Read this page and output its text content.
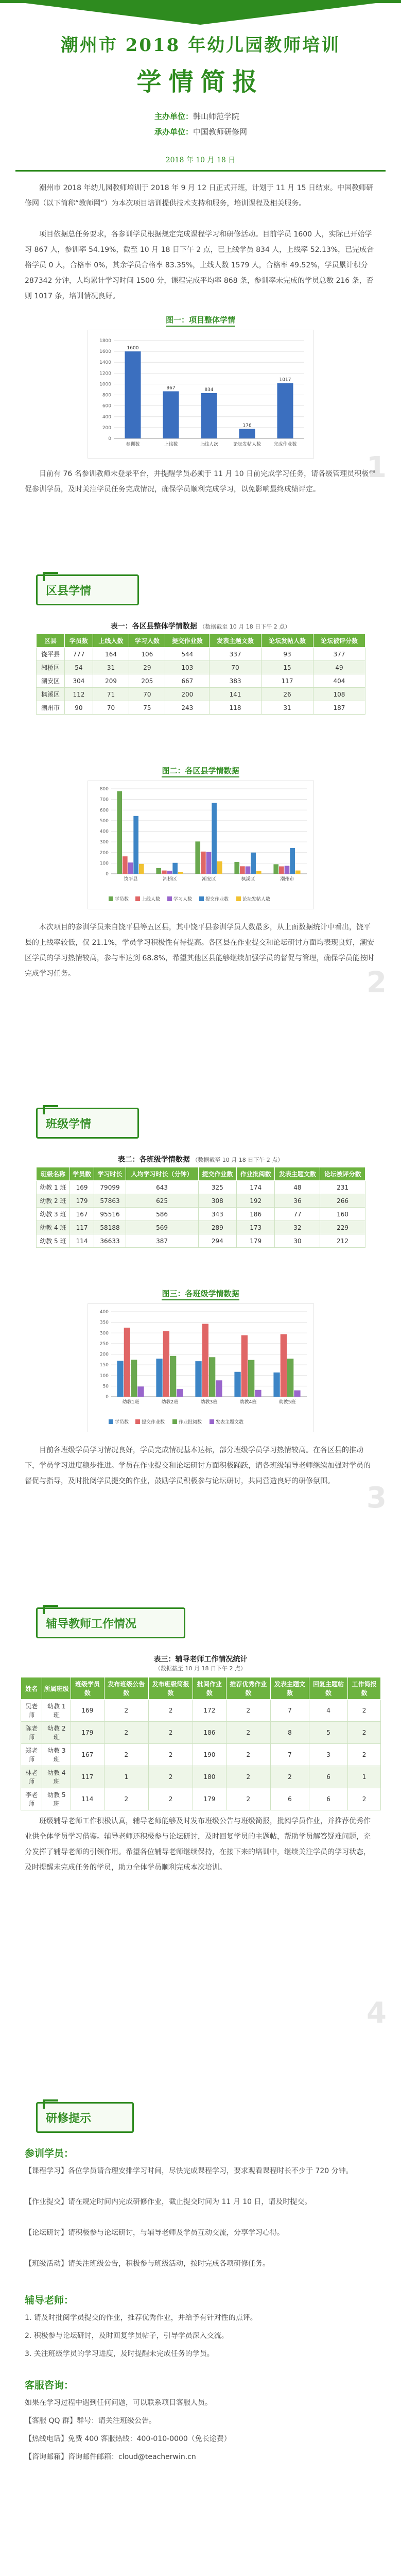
潮州市 2018 年幼儿园教师培训
学情简报
主办单位：韩山师范学院
承办单位：中国教师研修网
2018 年 10 月 18 日
潮州市 2018 年幼儿园教师培训于 2018 年 9 月 12 日正式开班，计划于 11 月 15 日结束。中国教师研修网（以下简称“教师网”）为本次项目培训提供技术支持和服务，培训课程及相关服务。
项目依据总任务要求，各参训学员根据规定完成课程学习和研修活动。目前学员 1600 人，实际已开始学习 867 人，参训率 54.19%，截至 10 月 18 日下午 2 点，已上线学员 834 人，上线率 52.13%，已完成合格学员 0 人，合格率 0%，其余学员合格率 83.35%，上线人数 1579 人，合格率 49.52%，学员累计积分 287342 分钟，人均累计学习时间 1500 分，课程完成平均率 868 条，参训率未完成的学员总数 216 条，否则 1017 条，培训情况良好。
图一：项目整体学情
0
200
400
600
800
1000
1200
1400
1600
1800
1600
参训数
867
上线数
834
上线人次
176
论坛发帖人数
1017
完成作业数
目前有 76 名参训教师未登录平台，并提醒学员必须于 11 月 10 日前完成学习任务，请各级管理员积极督促参训学员，及时关注学员任务完成情况，确保学员顺利完成学习，以免影响最终成绩评定。
1
区县学情
表一：各区县整体学情数据 （数据截至 10 月 18 日下午 2 点）
区县	学员数	上线人数	学习人数	提交作业数	发表主题文数	论坛发帖人数	论坛被评分数
饶平县	777	164	106	544	337	93	377
湘桥区	54	31	29	103	70	15	49
潮安区	304	209	205	667	383	117	404
枫溪区	112	71	70	200	141	26	108
潮州市	90	70	75	243	118	31	187
图二：各区县学情数据
0
100
200
300
400
500
600
700
800
饶平县	湘桥区	潮安区	枫溪区	潮州市
学员数	上线人数	学习人数	提交作业数	论坛发帖人数
本次项目的参训学员来自饶平县等五区县，其中饶平县参训学员人数最多，从上面数据统计中看出，饶平县的上线率较低，仅 21.1%，学员学习积极性有待提高。各区县在作业提交和论坛研讨方面均表现良好，潮安区学员的学习热情较高，参与率达到 68.8%，希望其他区县能够继续加强学员的督促与管理，确保学员能按时完成学习任务。	2
班级学情
表二：各班级学情数据 （数据截至 10 月 18 日下午 2 点）
班级名称	学员数	学习时长	人均学习时长（分钟）	提交作业数	作业批阅数	发表主题文数	论坛被评分数
幼教 1 班	169	79099	643	325	174	48	231
幼教 2 班	179	57863	625	308	192	36	266
幼教 3 班	167	95516	586	343	186	77	160
幼教 4 班	117	58188	569	289	173	32	229
幼教 5 班	114	36633	387	294	179	30	212
图三：各班级学情数据
0
50
100
150
200
250
300
350
400
幼教1班	幼教2班	幼教3班	幼教4班	幼教5班
学员数	提交作业数	作业批阅数	发表主题文数
目前各班级学员学习情况良好，学员完成情况基本达标，部分班级学员学习热情较高。在各区县的推动下，学员学习进度稳步推进。学员在作业提交和论坛研讨方面积极踊跃，请各班级辅导老师继续加强对学员的督促与指导，及时批阅学员提交的作业，鼓励学员积极参与论坛研讨，共同营造良好的研修氛围。	3
辅导教师工作情况
表三：辅导老师工作情况统计
（数据截至 10 月 18 日下午 2 点）
姓名	所属班级	班级学员数	发布班级公告数	发布班级简报数	批阅作业数	推荐优秀作业数	发表主题文数	回复主题帖数	工作简报数
吴老师	幼教 1 班	169	2	2	172	2	7	4	2
陈老师	幼教 2 班	179	2	2	186	2	8	5	2
郑老师	幼教 3 班	167	2	2	190	2	7	3	2
林老师	幼教 4 班	117	1	2	180	2	2	6	1
李老师	幼教 5 班	114	2	2	179	2	6	6	2
班级辅导老师工作积极认真，辅导老师能够及时发布班级公告与班级简报，批阅学员作业，并推荐优秀作业供全体学员学习借鉴。辅导老师还积极参与论坛研讨，及时回复学员的主题帖，帮助学员解答疑难问题，充分发挥了辅导老师的引领作用。希望各位辅导老师继续保持，在接下来的培训中，继续关注学员的学习状态，及时提醒未完成任务的学员，助力全体学员顺利完成本次培训。
4
研修提示
参训学员：
【课程学习】各位学员请合理安排学习时间，尽快完成课程学习，要求观看课程时长不少于 720 分钟。
【作业提交】请在规定时间内完成研修作业，截止提交时间为 11 月 10 日，请及时提交。
【论坛研讨】请积极参与论坛研讨，与辅导老师及学员互动交流，分享学习心得。
【班级活动】请关注班级公告，积极参与班级活动，按时完成各项研修任务。
辅导老师：
1. 请及时批阅学员提交的作业，推荐优秀作业，并给予有针对性的点评。
2. 积极参与论坛研讨，及时回复学员帖子，引导学员深入交流。
3. 关注班级学员的学习进度，及时提醒未完成任务的学员。
客服咨询：
如果在学习过程中遇到任何问题，可以联系项目客服人员。
【客服 QQ 群】群号：请关注班级公告。
【热线电话】免费 400 客服热线：400-010-0000（免长途费）
【咨询邮箱】咨询邮件邮箱：cloud@teacherwin.cn
